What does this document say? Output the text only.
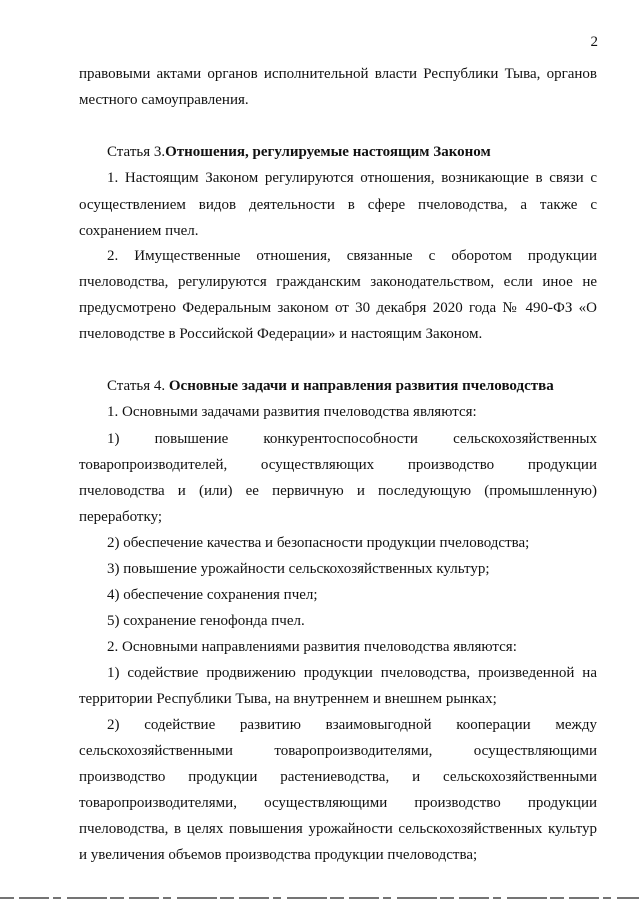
2
правовыми актами органов исполнительной власти Республики Тыва, органов
местного самоуправления.
Статья 3.Отношения, регулируемые настоящим Законом
1. Настоящим Законом регулируются отношения, возникающие в связи с
осуществлением видов деятельности в сфере пчеловодства, а также с
сохранением пчел.
2. Имущественные отношения, связанные с оборотом продукции
пчеловодства, регулируются гражданским законодательством, если иное не
предусмотрено Федеральным законом от 30 декабря 2020 года № 490-ФЗ «О
пчеловодстве в Российской Федерации» и настоящим Законом.
Статья 4. Основные задачи и направления развития пчеловодства
1. Основными задачами развития пчеловодства являются:
1) повышение конкурентоспособности сельскохозяйственных
товаропроизводителей, осуществляющих производство продукции
пчеловодства и (или) ее первичную и последующую (промышленную)
переработку;
2) обеспечение качества и безопасности продукции пчеловодства;
3) повышение урожайности сельскохозяйственных культур;
4) обеспечение сохранения пчел;
5) сохранение генофонда пчел.
2. Основными направлениями развития пчеловодства являются:
1) содействие продвижению продукции пчеловодства, произведенной на
территории Республики Тыва, на внутреннем и внешнем рынках;
2) содействие развитию взаимовыгодной кооперации между
сельскохозяйственными товаропроизводителями, осуществляющими
производство продукции растениеводства, и сельскохозяйственными
товаропроизводителями, осуществляющими производство продукции
пчеловодства, в целях повышения урожайности сельскохозяйственных культур
и увеличения объемов производства продукции пчеловодства;
